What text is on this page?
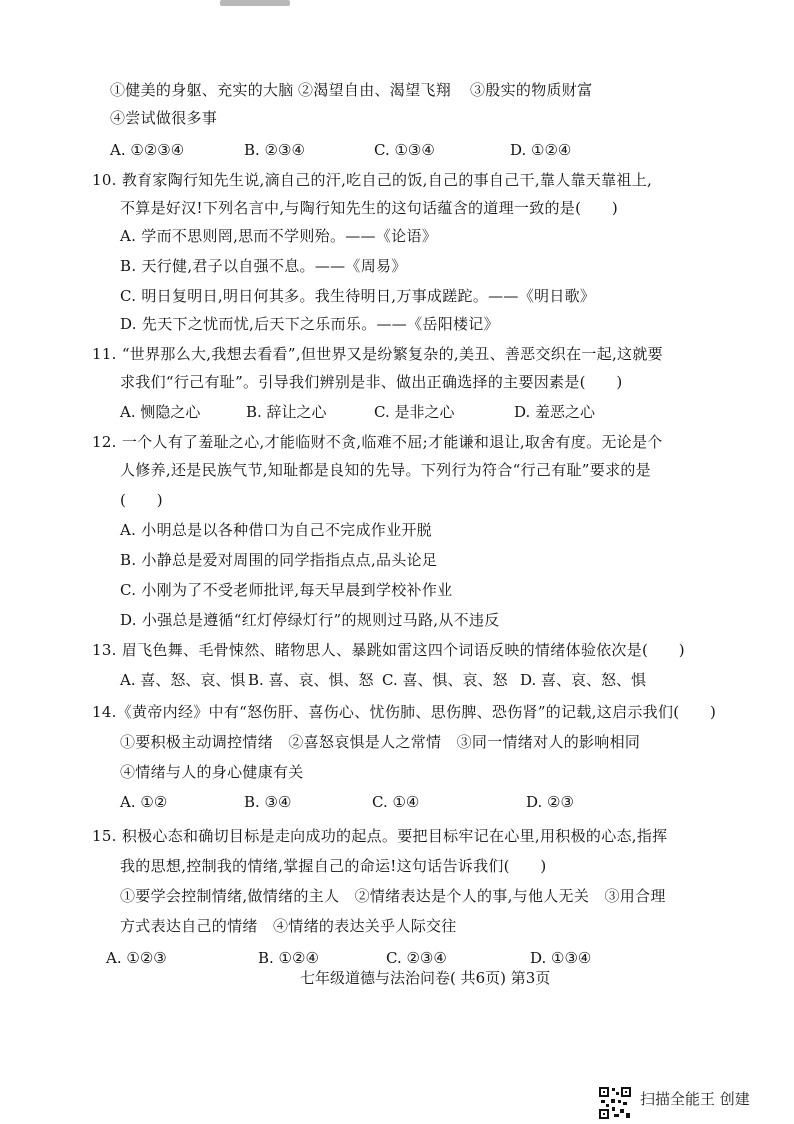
①健美的身躯、充实的大脑 ②渴望自由、渴望飞翔 ③殷实的物质财富
④尝试做很多事
A. ①②③④	B. ②③④	C. ①③④	D. ①②④
10. 教育家陶行知先生说,滴自己的汗,吃自己的饭,自己的事自己干,靠人靠天靠祖上,
不算是好汉!下列名言中,与陶行知先生的这句话蕴含的道理一致的是(　　)
A. 学而不思则罔,思而不学则殆。——《论语》
B. 天行健,君子以自强不息。——《周易》
C. 明日复明日,明日何其多。我生待明日,万事成蹉跎。——《明日歌》
D. 先天下之忧而忧,后天下之乐而乐。——《岳阳楼记》
11. “世界那么大,我想去看看”,但世界又是纷繁复杂的,美丑、善恶交织在一起,这就要
求我们“行己有耻”。引导我们辨别是非、做出正确选择的主要因素是(　　)
A. 恻隐之心	B. 辞让之心	C. 是非之心	D. 羞恶之心
12. 一个人有了羞耻之心,才能临财不贪,临难不屈;才能谦和退让,取舍有度。无论是个
人修养,还是民族气节,知耻都是良知的先导。下列行为符合“行己有耻”要求的是
(　　)
A. 小明总是以各种借口为自己不完成作业开脱
B. 小静总是爱对周围的同学指指点点,品头论足
C. 小刚为了不受老师批评,每天早晨到学校补作业
D. 小强总是遵循“红灯停绿灯行”的规则过马路,从不违反
13. 眉飞色舞、毛骨悚然、睹物思人、暴跳如雷这四个词语反映的情绪体验依次是(　　)
A. 喜、怒、哀、惧 B. 喜、哀、惧、怒 C. 喜、惧、哀、怒 D. 喜、哀、怒、惧
14.《黄帝内经》中有“怒伤肝、喜伤心、忧伤肺、思伤脾、恐伤肾”的记载,这启示我们(　　)
①要积极主动调控情绪　②喜怒哀惧是人之常情　③同一情绪对人的影响相同
④情绪与人的身心健康有关
A. ①②	B. ③④	C. ①④	D. ②③
15. 积极心态和确切目标是走向成功的起点。要把目标牢记在心里,用积极的心态,指挥
我的思想,控制我的情绪,掌握自己的命运!这句话告诉我们(　　)
①要学会控制情绪,做情绪的主人　②情绪表达是个人的事,与他人无关　③用合理
方式表达自己的情绪　④情绪的表达关乎人际交往
A. ①②③	B. ①②④	C. ②③④	D. ①③④
七年级道德与法治问卷( 共6页) 第3页
扫描全能王 创建
